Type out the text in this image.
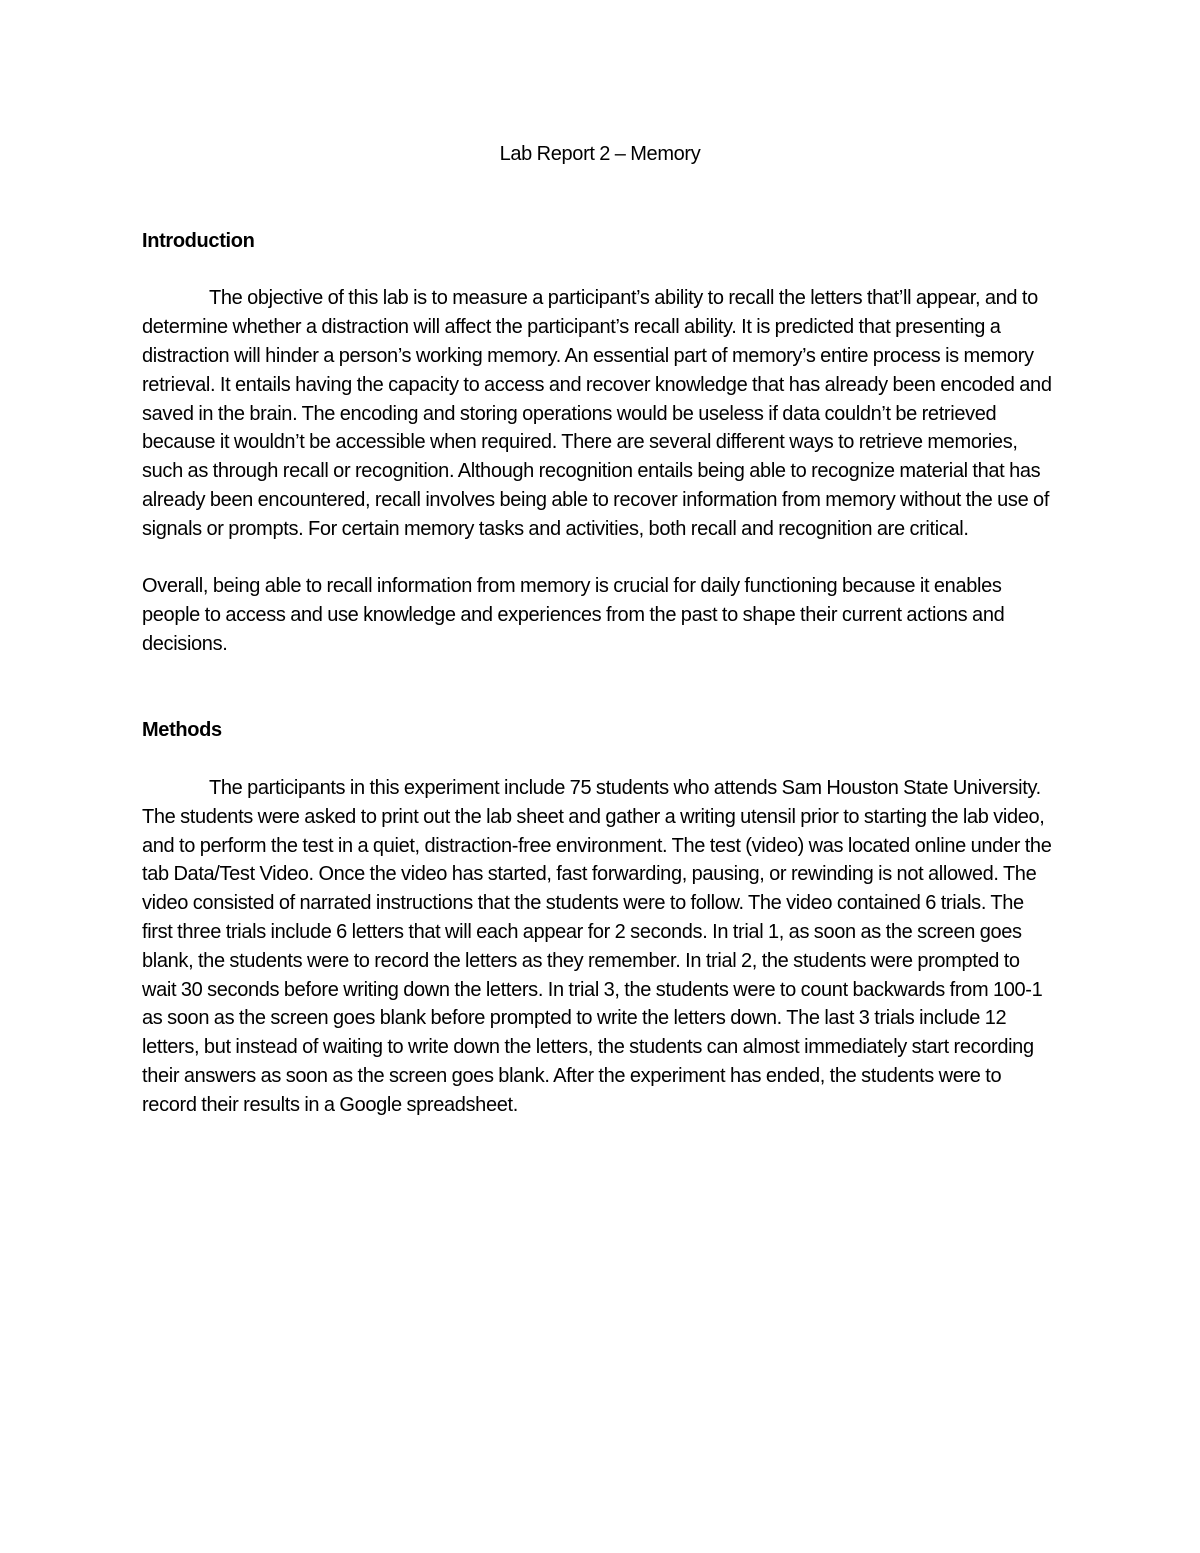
Lab Report 2 – Memory
Introduction

The objective of this lab is to measure a participant’s ability to recall the letters that’ll appear, and to determine whether a distraction will affect the participant’s recall ability. It is predicted that presenting a distraction will hinder a person’s working memory. An essential part of memory’s entire process is memory retrieval. It entails having the capacity to access and recover knowledge that has already been encoded and saved in the brain. The encoding and storing operations would be useless if data couldn’t be retrieved because it wouldn’t be accessible when required. There are several different ways to retrieve memories, such as through recall or recognition. Although recognition entails being able to recognize material that has already been encountered, recall involves being able to recover information from memory without the use of signals or prompts. For certain memory tasks and activities, both recall and recognition are critical.

Overall, being able to recall information from memory is crucial for daily functioning because it enables people to access and use knowledge and experiences from the past to shape their current actions and decisions.

Methods

The participants in this experiment include 75 students who attends Sam Houston State University. The students were asked to print out the lab sheet and gather a writing utensil prior to starting the lab video, and to perform the test in a quiet, distraction-free environment. The test (video) was located online under the tab Data/Test Video. Once the video has started, fast forwarding, pausing, or rewinding is not allowed. The video consisted of narrated instructions that the students were to follow. The video contained 6 trials. The first three trials include 6 letters that will each appear for 2 seconds. In trial 1, as soon as the screen goes blank, the students were to record the letters as they remember. In trial 2, the students were prompted to wait 30 seconds before writing down the letters. In trial 3, the students were to count backwards from 100-1 as soon as the screen goes blank before prompted to write the letters down. The last 3 trials include 12 letters, but instead of waiting to write down the letters, the students can almost immediately start recording their answers as soon as the screen goes blank. After the experiment has ended, the students were to record their results in a Google spreadsheet.
